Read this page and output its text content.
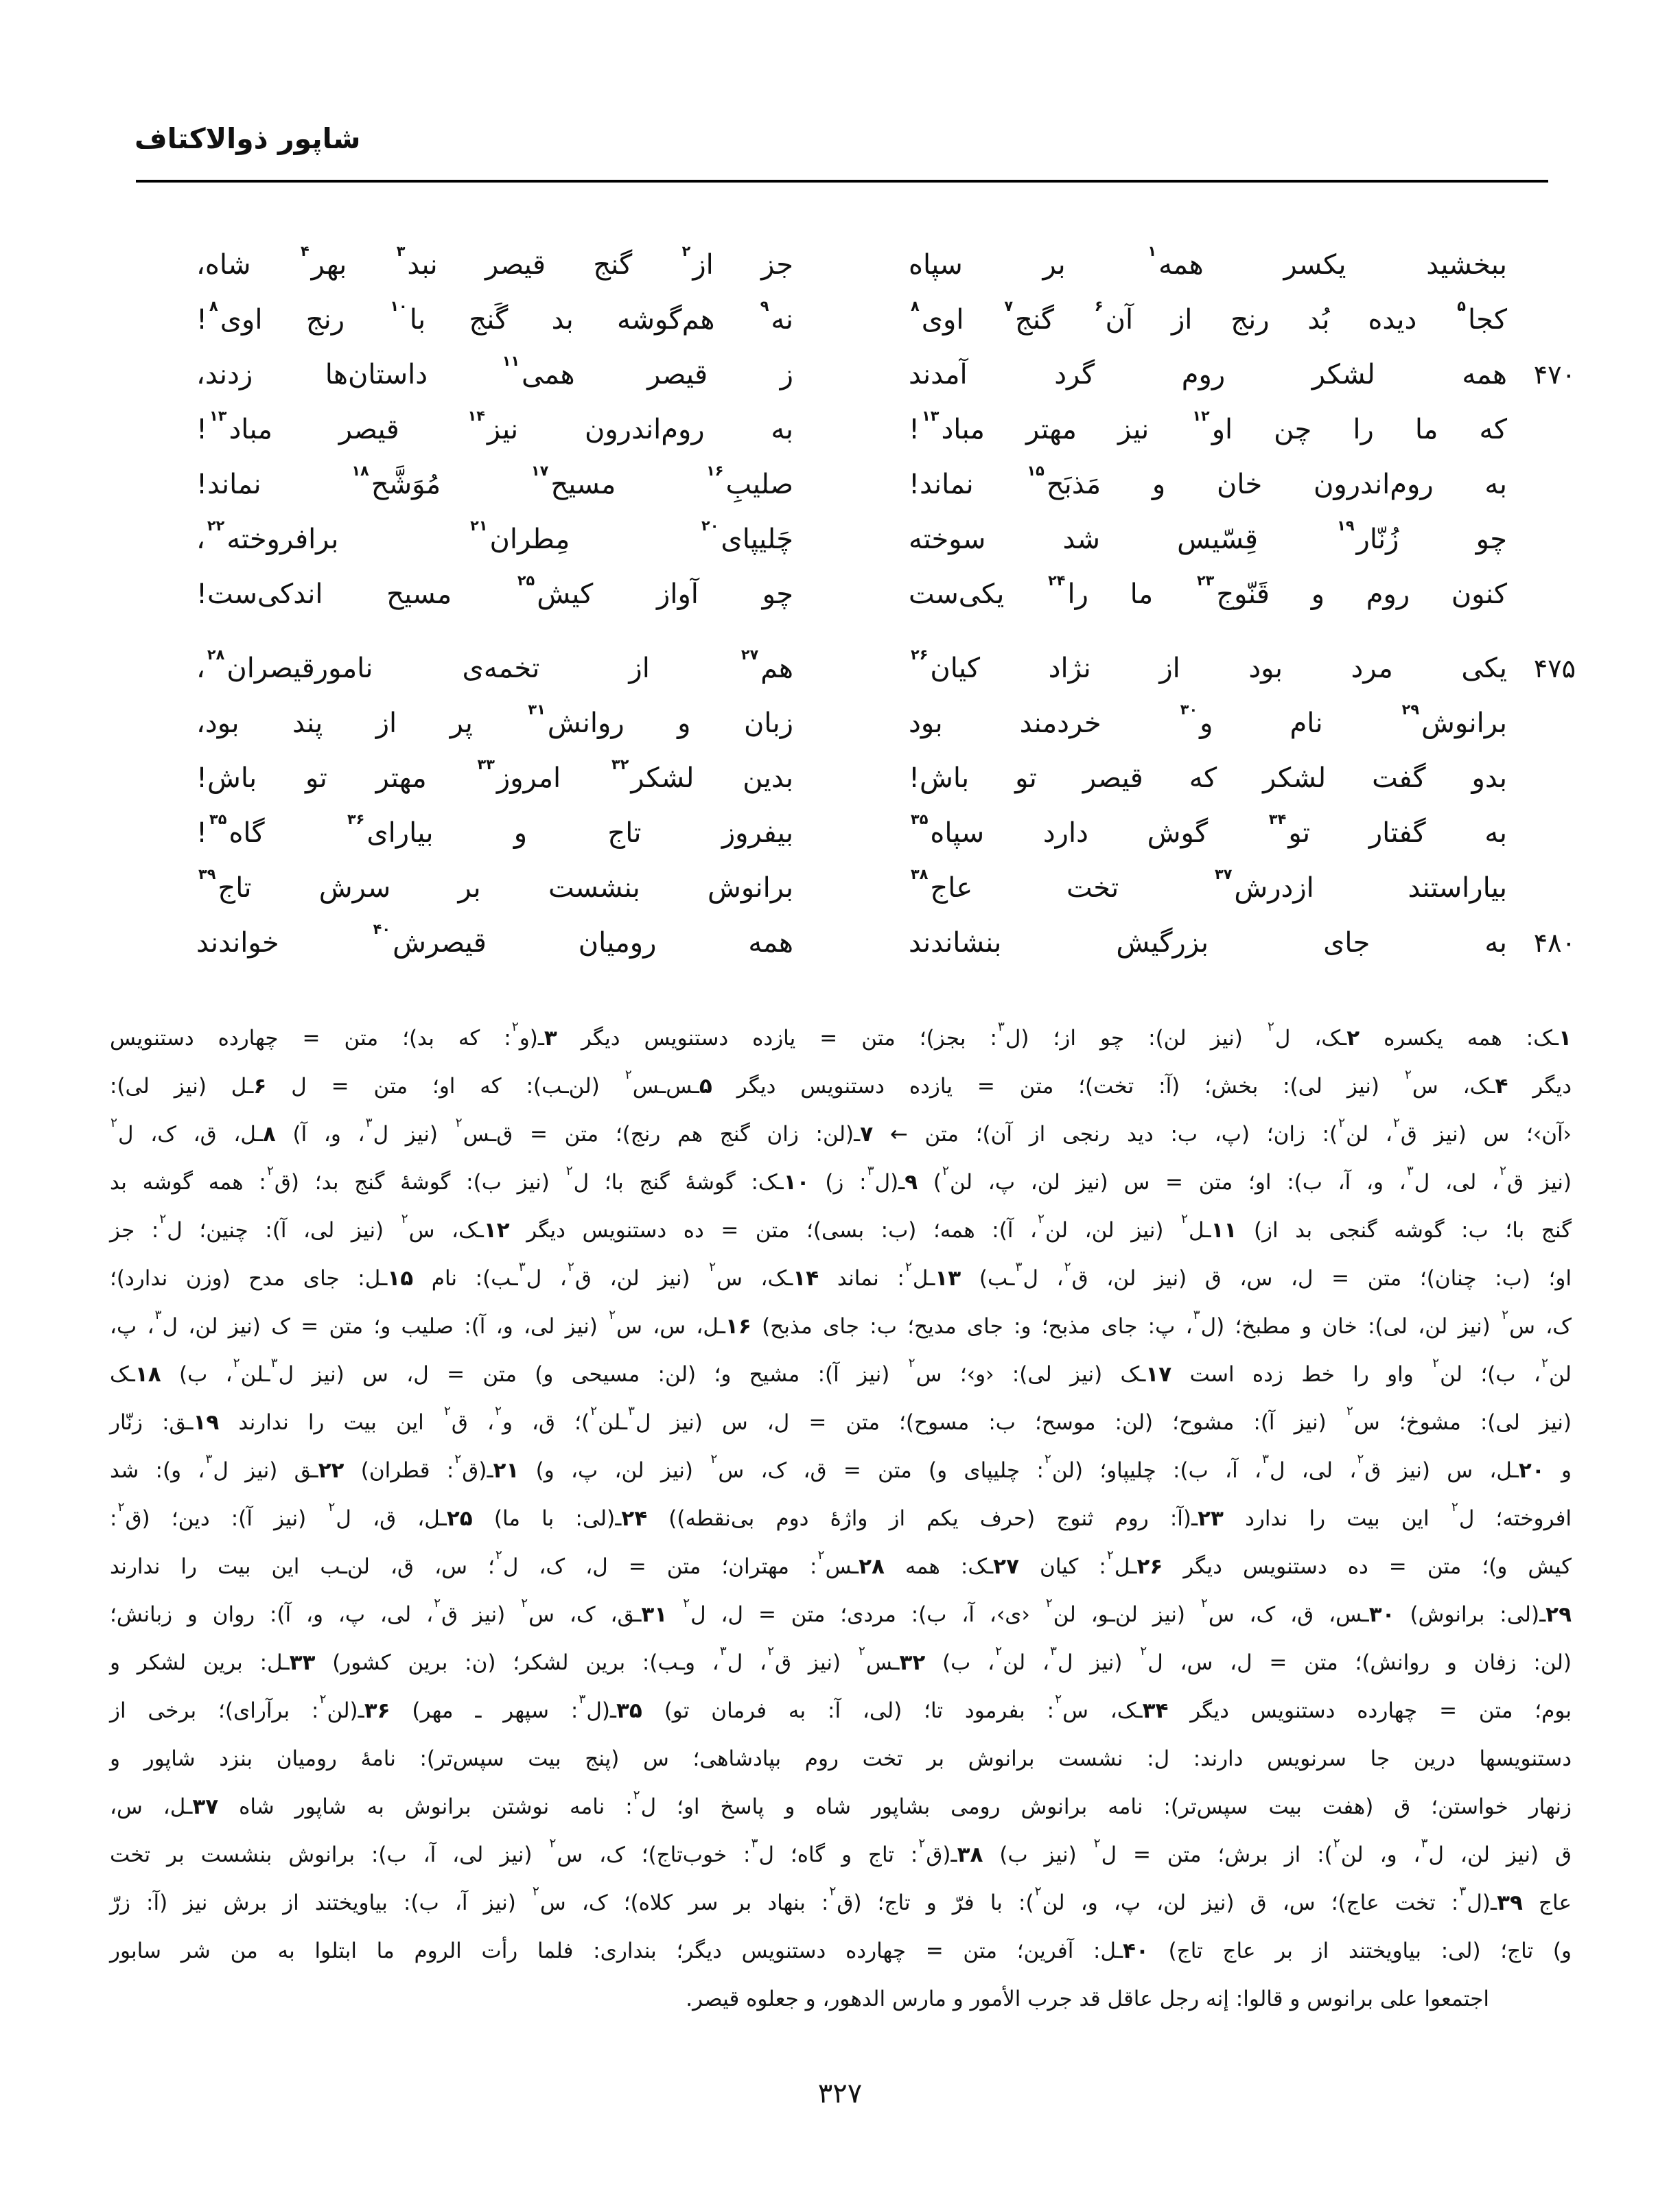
شاپور ذوالاکتاف
ببخشید یکسر همه$^۱$ بر سپاه
جز از$^۲$ گنج قیصر نبد$^۳$ بهر$^۴$ شاه،
کجا$^۵$ دیده بُد رنج از آن$^۶$ گنج$^۷$ اوی$^۸$
نه$^۹$ هم‌گوشه بد گَنج با$^{۱۰}$ رنج اوی$^۸$!
۴۷۰
همه لشکر روم گرد آمدند
ز قیصر همی$^{۱۱}$ داستان‌ها زدند،
که ما را چن او$^{۱۲}$ نیز مهتر مباد$^{۱۳}$!
به روم‌اندرون نیز$^{۱۴}$ قیصر مباد$^{۱۳}$!
به روم‌اندرون خان و مَذبَح$^{۱۵}$ نماند!
صلیبِ$^{۱۶}$ مسیح$^{۱۷}$ مُوَشَّح$^{۱۸}$ نماند!
چو زُنّار$^{۱۹}$ قِسّیس شد سوخته
چَلیپای$^{۲۰}$ مِطران$^{۲۱}$ برافروخته$^{۲۲}$،
کنون روم و قَنّوج$^{۲۳}$ ما را$^{۲۴}$ یکی‌ست
چو آواز کیش$^{۲۵}$ مسیح اندکی‌ست!
۴۷۵
یکی مرد بود از نژاد کیان$^{۲۶}$
هم$^{۲۷}$ از تخمه‌ی نامورقیصران$^{۲۸}$،
برانوش$^{۲۹}$ نام و$^{۳۰}$ خردمند بود
زبان و روانش$^{۳۱}$ پر از پند بود،
بدو گفت لشکر که قیصر تو باش!
بدین لشکر$^{۳۲}$ امروز$^{۳۳}$ مهتر تو باش!
به گفتار تو$^{۳۴}$ گوش دارد سپاه$^{۳۵}$
بیفروز تاج و بیارای$^{۳۶}$ گاه$^{۳۵}$!
بیاراستند ازدرش$^{۳۷}$ تخت عاج$^{۳۸}$
برانوش بنشست بر سرش تاج$^{۳۹}$
۴۸۰
به جای بزرگیش بنشاندند
همه رومیان قیصرش$^{۴۰}$ خواندند
۱ـک: همه یکسره ۲ـک، ل$^۲$ (نیز لن): چو از؛ (ل$^۳$: بجز)؛ متن = یازده دستنویس دیگر ۳ـ(و$^۲$: که بد)؛ متن = چهارده دستنویس
دیگر ۴ـک، س$^۲$ (نیز لی): بخش؛ (آ: تخت)؛ متن = یازده دستنویس دیگر ۵ـس‌ـس$^۲$ (لن‌ـب): که او؛ متن = ل ۶ـل (نیز لی):
‹آن›؛ س (نیز ق$^۲$، لن$^۲$): زان؛ (پ، ب: دید رنجی از آن)؛ متن ← ۷ـ(لن: زان گنج هم رنج)؛ متن = ق‌ـس$^۲$ (نیز ل$^۳$، و، آ) ۸ـل، ق، ک، ل$^۲$
(نیز ق$^۲$، لی، ل$^۳$، و، آ، ب): او؛ متن = س (نیز لن، پ، لن$^۲$) ۹ـ(ل$^۳$: ز) ۱۰ـک: گوشهٔ گنج با؛ ل$^۲$ (نیز ب): گوشهٔ گنج بد؛ (ق$^۲$: همه گوشه بد
گنج با؛ ب: گوشه گنجی بد از) ۱۱ـل$^۲$ (نیز لن، لن$^۲$، آ): همه؛ (ب: بسی)؛ متن = ده دستنویس دیگر ۱۲ـک، س$^۲$ (نیز لی، آ): چنین؛ ل$^۲$: جز
او؛ (ب: چنان)؛ متن = ل، س، ق (نیز لن، ق$^۲$، ل$^۳$ـب) ۱۳ـل$^۲$: نماند ۱۴ـک، س$^۲$ (نیز لن، ق$^۲$، ل$^۳$ـب): نام ۱۵ـل: جای مدح (وزن ندارد)؛
ک، س$^۲$ (نیز لن، لی): خان و مطبخ؛ (ل$^۳$، پ: جای مذبح؛ و: جای مدیح؛ ب: جای مذبح) ۱۶ـل، س، س$^۲$ (نیز لی، و، آ): صلیب و؛ متن = ک (نیز لن، ل$^۳$، پ،
لن$^۲$، ب)؛ لن$^۲$ واو را خط زده است ۱۷ـک (نیز لی): ‹و›؛ س$^۲$ (نیز آ): مشیح و؛ (لن: مسیحی و) متن = ل، س (نیز ل$^۳$ـلن$^۲$، ب) ۱۸ـک
(نیز لی): مشوخ؛ س$^۲$ (نیز آ): مشوح؛ (لن: موسح؛ ب: مسوح)؛ متن = ل، س (نیز ل$^۳$ـلن$^۲$)؛ ق، و$^۲$، ق$^۲$ این بیت را ندارند ۱۹ـق: زنّار
و ۲۰ـل، س (نیز ق$^۲$، لی، ل$^۳$، آ، ب): چلیپاو؛ (لن$^۲$: چلیپای و) متن = ق، ک، س$^۲$ (نیز لن، پ، و) ۲۱ـ(ق$^۲$: قطران) ۲۲ـق (نیز ل$^۳$، و): شد
افروخته؛ ل$^۲$ این بیت را ندارد ۲۳ـ(آ: روم ثنوج (حرف یکم از واژهٔ دوم بی‌نقطه)) ۲۴ـ(لی: با ما) ۲۵ـل، ق، ل$^۲$ (نیز آ): دین؛ (ق$^۲$:
کیش و)؛ متن = ده دستنویس دیگر ۲۶ـل$^۲$: کیان ۲۷ـک: همه ۲۸ـس$^۲$: مهتران؛ متن = ل، ک، ل$^۲$؛ س، ق، لن‌ـب این بیت را ندارند
۲۹ـ(لی: برانوش) ۳۰ـس، ق، ک، س$^۲$ (نیز لن‌ـو، لن$^۲$ ‹ی›، آ، ب): مردی؛ متن = ل، ل$^۲$ ۳۱ـق، ک، س$^۲$ (نیز ق$^۲$، لی، پ، و، آ): روان و زبانش؛
(لن: زفان و روانش)؛ متن = ل، س، ل$^۲$ (نیز ل$^۳$، لن$^۲$، ب) ۳۲ـس$^۲$ (نیز ق$^۲$، ل$^۳$، وـب): برین لشکر؛ (ن: برین کشور) ۳۳ـل: برین لشکر و
بوم؛ متن = چهارده دستنویس دیگر ۳۴ـک، س$^۲$: بفرمود تا؛ (لی، آ: به فرمان تو) ۳۵ـ(ل$^۳$: سپهر ـ مهر) ۳۶ـ(لن$^۲$: برآرای)؛ برخی از
دستنویسها درین جا سرنویس دارند: ل: نشست برانوش بر تخت روم بپادشاهی؛ س (پنج بیت سپس‌تر): نامهٔ رومیان بنزد شاپور و
زنهار خواستن؛ ق (هفت بیت سپس‌تر): نامه برانوش رومی بشاپور شاه و پاسخ او؛ ل$^۲$: نامه نوشتن برانوش به شاپور شاه ۳۷ـل، س،
ق (نیز لن، ل$^۳$، و، لن$^۲$): از برش؛ متن = ل$^۲$ (نیز ب) ۳۸ـ(ق$^۲$: تاج و گاه؛ ل$^۳$: خوب‌تاج)؛ ک، س$^۲$ (نیز لی، آ، ب): برانوش بنشست بر تخت
عاج ۳۹ـ(ل$^۳$: تخت عاج)؛ س، ق (نیز لن، پ، و، لن$^۲$): با فرّ و تاج؛ (ق$^۲$: بنهاد بر سر کلاه)؛ ک، س$^۲$ (نیز آ، ب): بیاویختند از برش نیز (آ: زرّ
و) تاج؛ (لی: بیاویختند از بر عاج تاج) ۴۰ـل: آفرین؛ متن = چهارده دستنویس دیگر؛ بنداری: فلما رأت الروم ما ابتلوا به من شر سابور
اجتمعوا علی برانوس و قالوا: إنه رجل عاقل قد جرب الأمور و مارس الدهور، و جعلوه قیصر.
۳۲۷
